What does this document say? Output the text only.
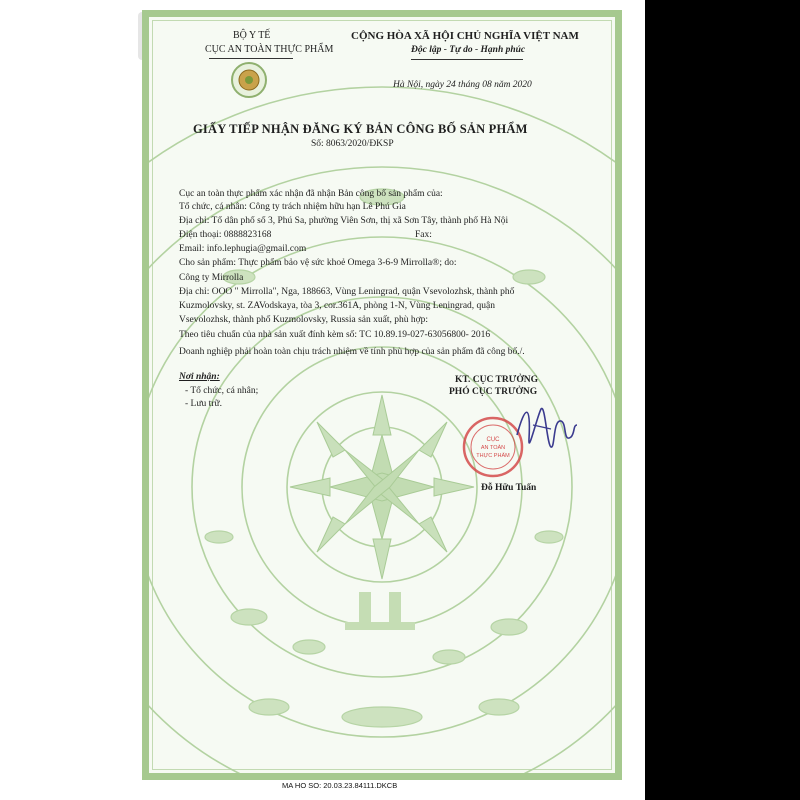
BỘ Y TẾ
CỤC AN TOÀN THỰC PHẨM
CỘNG HÒA XÃ HỘI CHỦ NGHĨA VIỆT NAM
Độc lập - Tự do - Hạnh phúc
Hà Nội, ngày 24 tháng 08 năm 2020
GIẤY TIẾP NHẬN ĐĂNG KÝ BẢN CÔNG BỐ SẢN PHẨM
Số: 8063/2020/ĐKSP
Cục an toàn thực phẩm xác nhận đã nhận Bản công bố sản phẩm của:
Tổ chức, cá nhân: Công ty trách nhiệm hữu hạn Lê Phú Gia
Địa chỉ: Tổ dân phố số 3, Phú Sa, phường Viên Sơn, thị xã Sơn Tây, thành phố Hà Nội
Điện thoại: 0888823168	Fax:
Email: info.lephugia@gmail.com
Cho sản phẩm: Thực phẩm bảo vệ sức khoẻ Omega 3-6-9 Mirrolla®; do:
Công ty Mirrolla
Địa chỉ: OOO " Mirrolla", Nga, 188663, Vùng Leningrad, quận Vsevolozhsk, thành phố
Kuzmolovsky, st. ZAVodskaya, tòa 3, cor.361A, phòng 1-N, Vùng Leningrad, quận
Vsevolozhsk, thành phố Kuzmolovsky, Russia sản xuất, phù hợp:
Theo tiêu chuẩn của nhà sản xuất đính kèm số: TC 10.89.19-027-63056800- 2016
Doanh nghiệp phải hoàn toàn chịu trách nhiệm về tính phù hợp của sản phẩm đã công bố./.
Nơi nhận:
- Tổ chức, cá nhân;
- Lưu trữ.
KT. CỤC TRƯỞNG
PHÓ CỤC TRƯỞNG
CỤC
AN TOÀN
THỰC PHẨM
Đỗ Hữu Tuấn
MA HO SO: 20.03.23.84111.DKCB
